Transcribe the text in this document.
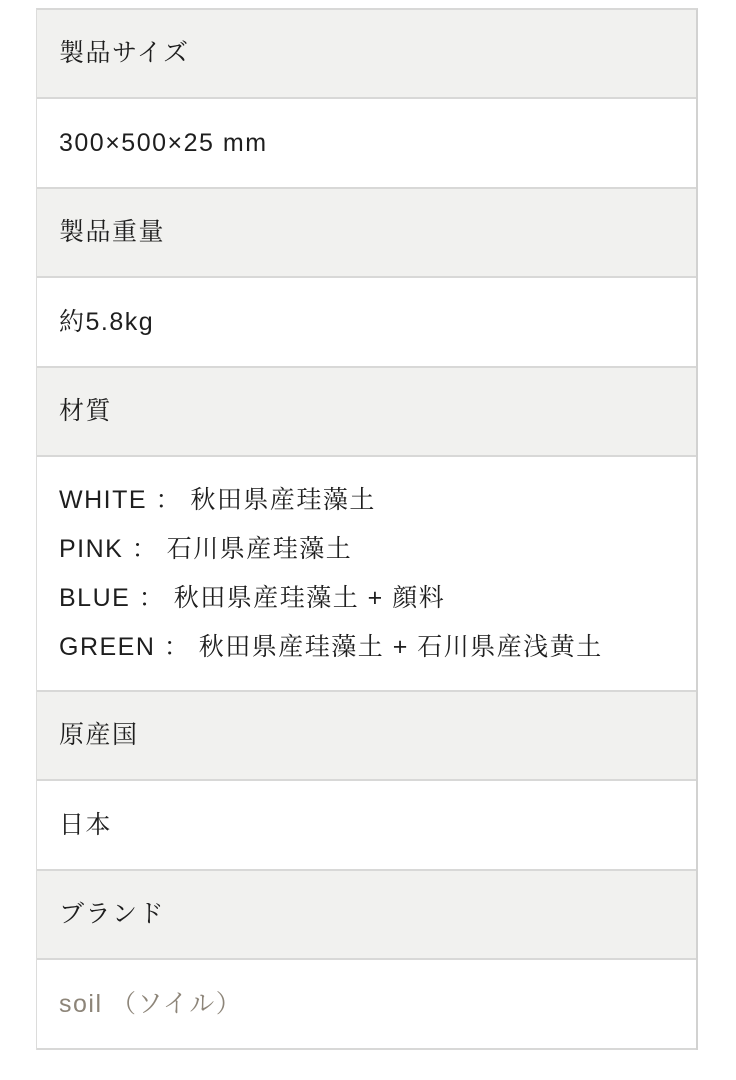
製品サイズ
300×500×25 mm
製品重量
約5.8kg
材質
WHITE ： 秋田県産珪藻土
PINK ： 石川県産珪藻土
BLUE ： 秋田県産珪藻土 + 顔料
GREEN ： 秋田県産珪藻土 + 石川県産浅黄土
原産国
日本
ブランド
soil （ソイル）
